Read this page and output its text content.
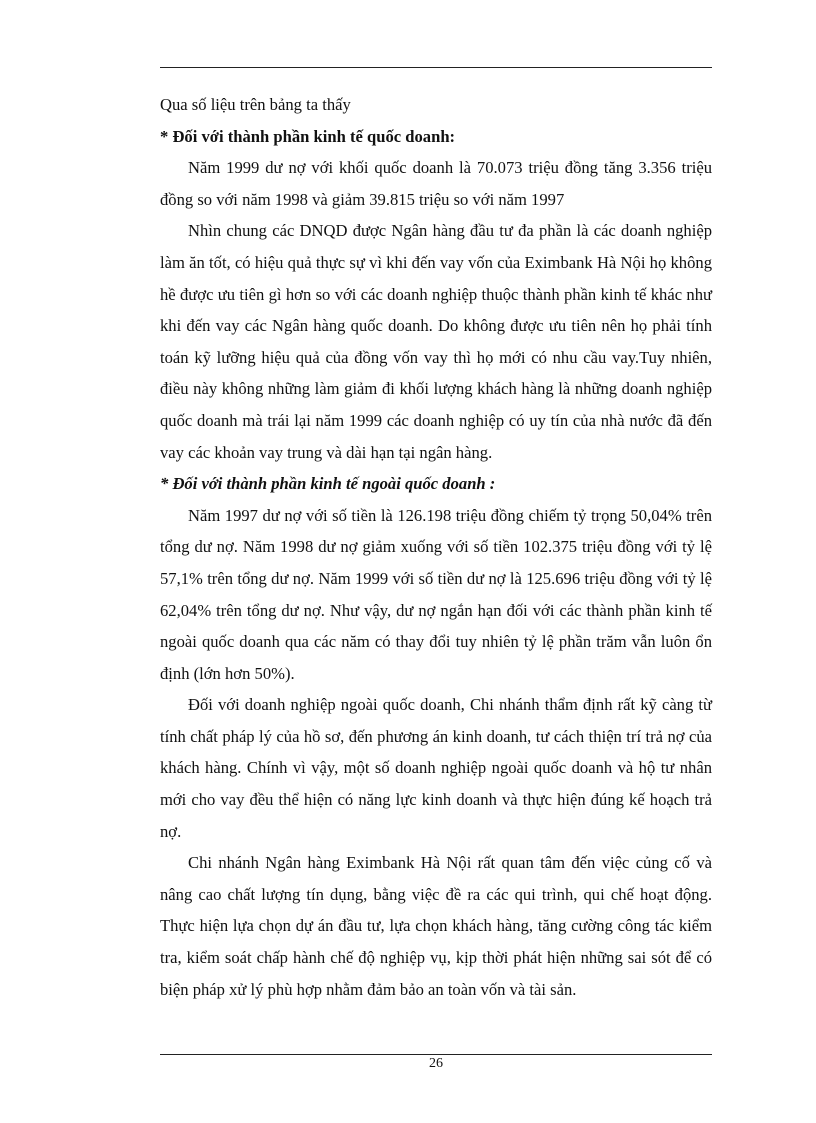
Qua số liệu trên bảng ta thấy

* Đối với thành phần kinh tế quốc doanh:

Năm 1999 dư nợ với khối quốc doanh là 70.073 triệu đồng tăng 3.356 triệu đồng so với năm 1998 và giảm 39.815 triệu so với năm 1997

Nhìn chung các DNQD được Ngân hàng đầu tư đa phần là các doanh nghiệp làm ăn tốt, có hiệu quả thực sự vì khi đến vay vốn của Eximbank Hà Nội họ không hề được ưu tiên gì hơn so với các doanh nghiệp thuộc thành phần kinh tế khác như khi đến vay các Ngân hàng quốc doanh. Do không được ưu tiên nên họ phải tính toán kỹ lưỡng hiệu quả của đồng vốn vay thì họ mới có nhu cầu vay.Tuy nhiên, điều này không những làm giảm đi khối lượng khách hàng là những doanh nghiệp quốc doanh mà trái lại năm 1999 các doanh nghiệp có uy tín của nhà nước đã đến vay các khoản vay trung và dài hạn tại ngân hàng.

* Đối với thành phần kinh tế ngoài quốc doanh :

Năm 1997 dư nợ với số tiền là 126.198 triệu đồng chiếm tỷ trọng 50,04% trên tổng dư nợ. Năm 1998 dư nợ giảm xuống với số tiền 102.375 triệu đồng với tỷ lệ 57,1% trên tổng dư nợ. Năm 1999 với số tiền dư nợ là 125.696 triệu đồng với tỷ lệ 62,04% trên tổng dư nợ. Như vậy, dư nợ ngắn hạn đối với các thành phần kinh tế ngoài quốc doanh qua các năm có thay đổi tuy nhiên tỷ lệ phần trăm vẫn luôn ổn định (lớn hơn 50%).

Đối với doanh nghiệp ngoài quốc doanh, Chi nhánh thẩm định rất kỹ càng từ tính chất pháp lý của hồ sơ, đến phương án kinh doanh, tư cách thiện trí trả nợ của khách hàng. Chính vì vậy, một số doanh nghiệp ngoài quốc doanh và hộ tư nhân mới cho vay đều thể hiện có năng lực kinh doanh và thực hiện đúng kế hoạch trả nợ.

Chi nhánh Ngân hàng Eximbank Hà Nội rất quan tâm đến việc củng cố và nâng cao chất lượng tín dụng, bằng việc đề ra các qui trình, qui chế hoạt động. Thực hiện lựa chọn dự án đầu tư, lựa chọn khách hàng, tăng cường công tác kiểm tra, kiểm soát chấp hành chế độ nghiệp vụ, kịp thời phát hiện những sai sót để có biện pháp xử lý phù hợp nhằm đảm bảo an toàn vốn và tài sản.

26
